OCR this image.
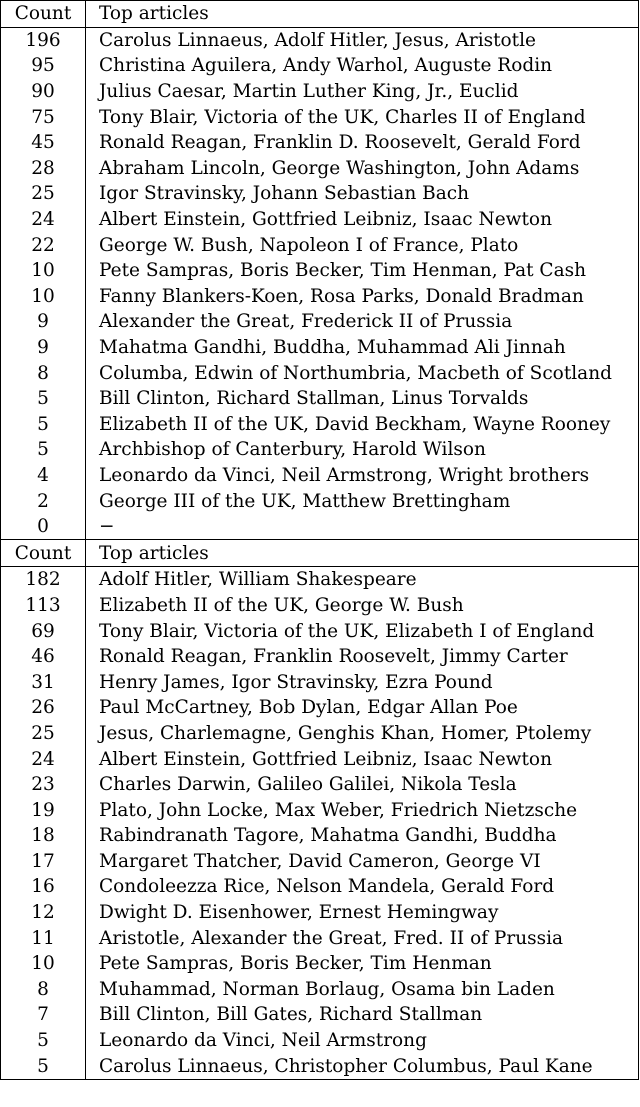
Count	Top articles
196	Carolus Linnaeus, Adolf Hitler, Jesus, Aristotle
95	Christina Aguilera, Andy Warhol, Auguste Rodin
90	Julius Caesar, Martin Luther King, Jr., Euclid
75	Tony Blair, Victoria of the UK, Charles II of England
45	Ronald Reagan, Franklin D. Roosevelt, Gerald Ford
28	Abraham Lincoln, George Washington, John Adams
25	Igor Stravinsky, Johann Sebastian Bach
24	Albert Einstein, Gottfried Leibniz, Isaac Newton
22	George W. Bush, Napoleon I of France, Plato
10	Pete Sampras, Boris Becker, Tim Henman, Pat Cash
10	Fanny Blankers-Koen, Rosa Parks, Donald Bradman
9	Alexander the Great, Frederick II of Prussia
9	Mahatma Gandhi, Buddha, Muhammad Ali Jinnah
8	Columba, Edwin of Northumbria, Macbeth of Scotland
5	Bill Clinton, Richard Stallman, Linus Torvalds
5	Elizabeth II of the UK, David Beckham, Wayne Rooney
5	Archbishop of Canterbury, Harold Wilson
4	Leonardo da Vinci, Neil Armstrong, Wright brothers
2	George III of the UK, Matthew Brettingham
0	−
Count	Top articles
182	Adolf Hitler, William Shakespeare
113	Elizabeth II of the UK, George W. Bush
69	Tony Blair, Victoria of the UK, Elizabeth I of England
46	Ronald Reagan, Franklin Roosevelt, Jimmy Carter
31	Henry James, Igor Stravinsky, Ezra Pound
26	Paul McCartney, Bob Dylan, Edgar Allan Poe
25	Jesus, Charlemagne, Genghis Khan, Homer, Ptolemy
24	Albert Einstein, Gottfried Leibniz, Isaac Newton
23	Charles Darwin, Galileo Galilei, Nikola Tesla
19	Plato, John Locke, Max Weber, Friedrich Nietzsche
18	Rabindranath Tagore, Mahatma Gandhi, Buddha
17	Margaret Thatcher, David Cameron, George VI
16	Condoleezza Rice, Nelson Mandela, Gerald Ford
12	Dwight D. Eisenhower, Ernest Hemingway
11	Aristotle, Alexander the Great, Fred. II of Prussia
10	Pete Sampras, Boris Becker, Tim Henman
8	Muhammad, Norman Borlaug, Osama bin Laden
7	Bill Clinton, Bill Gates, Richard Stallman
5	Leonardo da Vinci, Neil Armstrong
5	Carolus Linnaeus, Christopher Columbus, Paul Kane
